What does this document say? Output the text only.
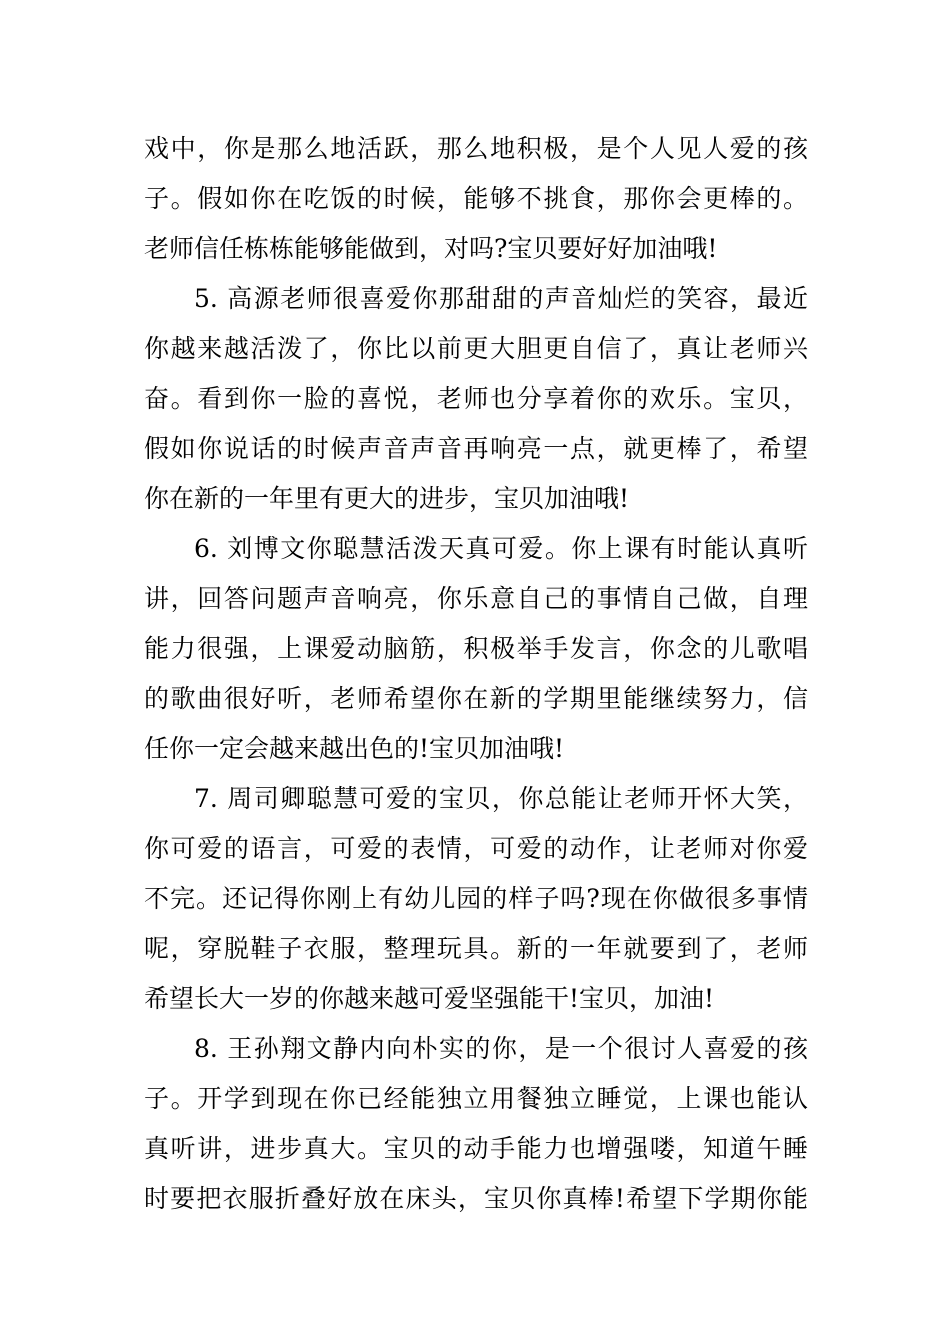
戏中，你是那么地活跃，那么地积极，是个人见人爱的孩
子。假如你在吃饭的时候，能够不挑食，那你会更棒的。
老师信任栋栋能够能做到，对吗?宝贝要好好加油哦!
5. 高源老师很喜爱你那甜甜的声音灿烂的笑容，最近
你越来越活泼了，你比以前更大胆更自信了，真让老师兴
奋。看到你一脸的喜悦，老师也分享着你的欢乐。宝贝，
假如你说话的时候声音声音再响亮一点，就更棒了，希望
你在新的一年里有更大的进步，宝贝加油哦!
6. 刘博文你聪慧活泼天真可爱。你上课有时能认真听
讲，回答问题声音响亮，你乐意自己的事情自己做，自理
能力很强，上课爱动脑筋，积极举手发言，你念的儿歌唱
的歌曲很好听，老师希望你在新的学期里能继续努力，信
任你一定会越来越出色的!宝贝加油哦!
7. 周司卿聪慧可爱的宝贝，你总能让老师开怀大笑，
你可爱的语言，可爱的表情，可爱的动作，让老师对你爱
不完。还记得你刚上有幼儿园的样子吗?现在你做很多事情
呢，穿脱鞋子衣服，整理玩具。新的一年就要到了，老师
希望长大一岁的你越来越可爱坚强能干!宝贝，加油!
8. 王孙翔文静内向朴实的你，是一个很讨人喜爱的孩
子。开学到现在你已经能独立用餐独立睡觉，上课也能认
真听讲，进步真大。宝贝的动手能力也增强喽，知道午睡
时要把衣服折叠好放在床头，宝贝你真棒!希望下学期你能
